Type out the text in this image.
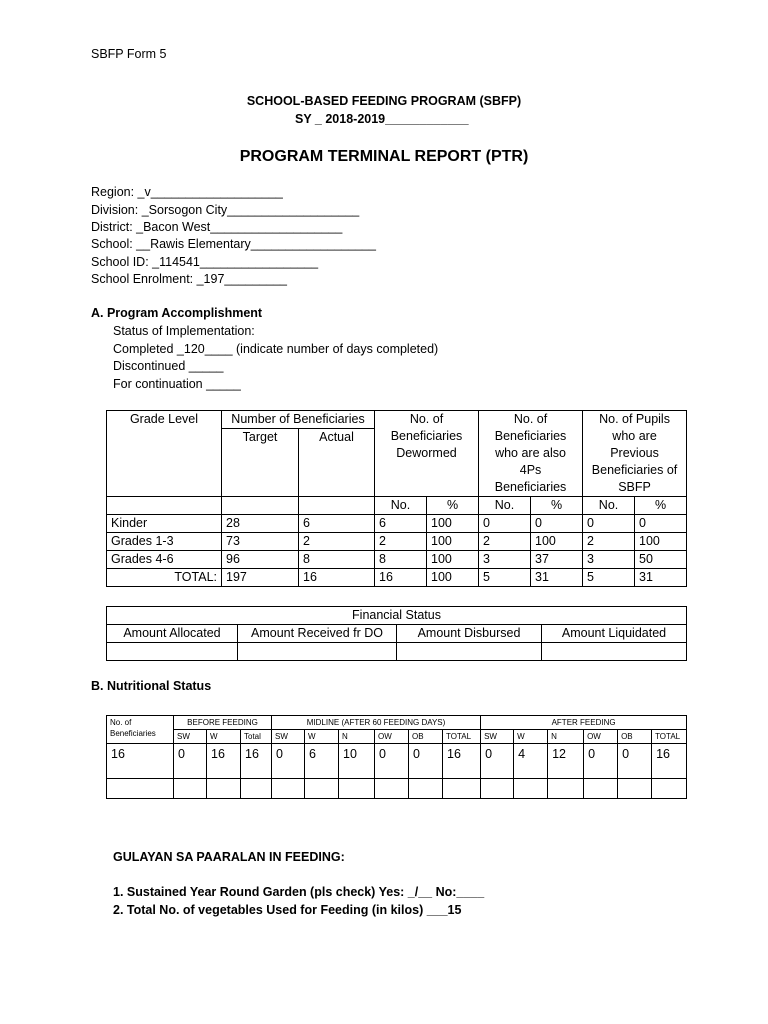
SBFP Form 5
SCHOOL-BASED FEEDING PROGRAM (SBFP)
SY _ 2018-2019____________
PROGRAM TERMINAL REPORT (PTR)
Region: _v___________________
Division: _Sorsogon City___________________
District: _Bacon West___________________
School: __Rawis Elementary__________________
School ID: _114541_________________
School Enrolment: _197_________
A. Program Accomplishment
Status of Implementation:
Completed _120____ (indicate number of days completed)
Discontinued _____
For continuation _____
Grade Level	Number of Beneficiaries		No. of Beneficiaries Dewormed		No. of Beneficiaries who are also 4Ps Beneficiaries		No. of Pupils who are Previous Beneficiaries of SBFP	
	Target	Actual						
			No.	%	No.	%	No.	%
Kinder	28	6	6	100	0	0	0	0
Grades 1-3	73	2	2	100	2	100	2	100
Grades 4-6	96	8	8	100	3	37	3	50
TOTAL:	197	16	16	100	5	31	5	31
Financial Status			
Amount Allocated	Amount Received fr DO	Amount Disbursed	Amount Liquidated

B. Nutritional Status
No. of Beneficiaries	BEFORE FEEDING			MIDLINE (AFTER 60 FEEDING DAYS)						AFTER FEEDING					
	SW	W	Total	SW	W	N	OW	OB	TOTAL	SW	W	N	OW	OB	TOTAL
16	0	16	16	0	6	10	0	0	16	0	4	12	0	0	16

GULAYAN SA PAARALAN IN FEEDING:
1. Sustained Year Round Garden (pls check) Yes: _/__ No:____
2. Total No. of vegetables Used for Feeding (in kilos) ___15
